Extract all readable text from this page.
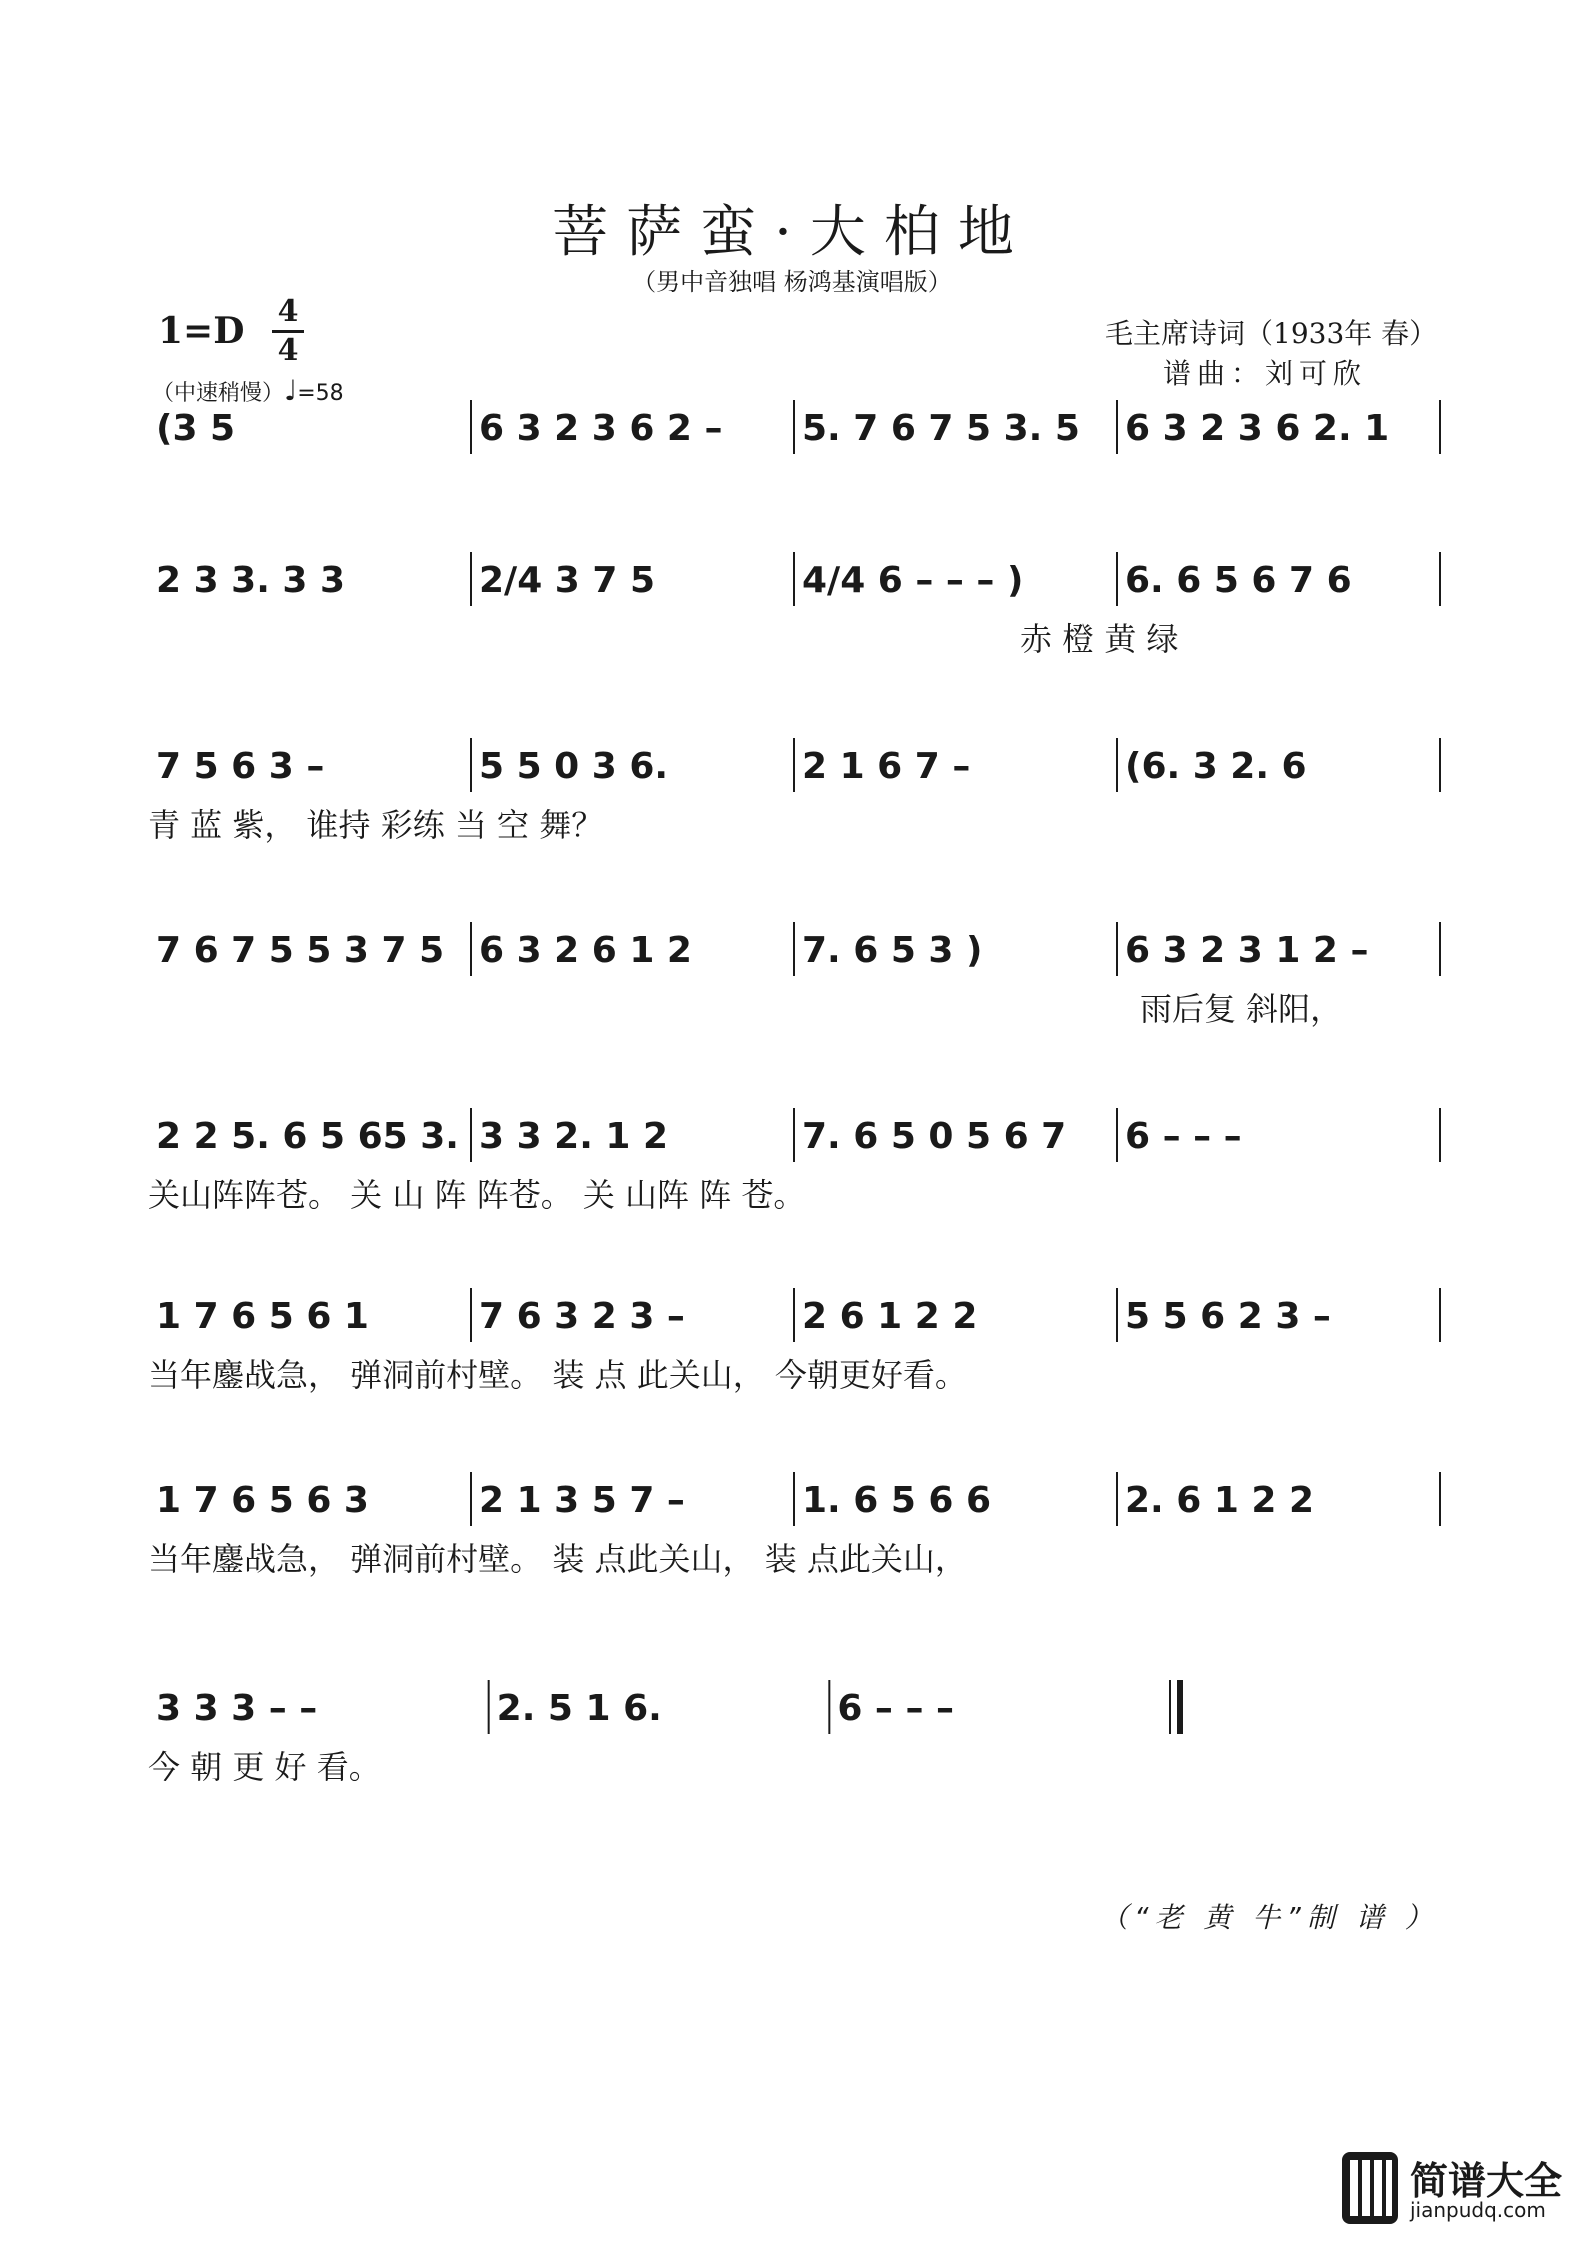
菩萨蛮·大柏地
（男中音独唱 杨鸿基演唱版）
1=D	4
4
（中速稍慢）♩=58
毛主席诗词（1933年 春）
谱曲：刘可欣
(3 5	6 3 2 3 6 2 – 5. 7 6 7 5 3. 5 6 3 2 3 6 2. 1
2 3 3. 3 3	2/4 3 7 5	4/4 6 – – – )	6. 6 5 6 7 6
赤 橙 黄 绿
7 5 6 3 –	5 5 0 3 6.	2 1 6 7 –	(6. 3 2. 6
青 蓝 紫， 谁持 彩练 当 空 舞？
7 6 7 5 5 3 7 5 6 3 2 6 1 2	7. 6 5 3 )	6 3 2 3 1 2 –
雨后复 斜阳，
2 2 5. 6 5 65 3. 3 3 2. 1 2	7. 6 5 0 5 6 7 6 – – –
关山阵阵苍。 关 山 阵 阵苍。 关 山阵 阵 苍。
1 7 6 5 6 1	7 6 3 2 3 –	2 6 1 2 2	5 5 6 2 3 –
当年鏖战急， 弹洞前村壁。 装 点 此关山， 今朝更好看。
1 7 6 5 6 3	2 1 3 5 7 –	1. 6 5 6 6	2. 6 1 2 2
当年鏖战急， 弹洞前村壁。 装 点此关山， 装 点此关山，
3 3 3 – –	2. 5 1 6.	6 – – –
今 朝 更 好 看。
（“老 黄 牛”制 谱 ）
简谱大全
jianpudq.com
